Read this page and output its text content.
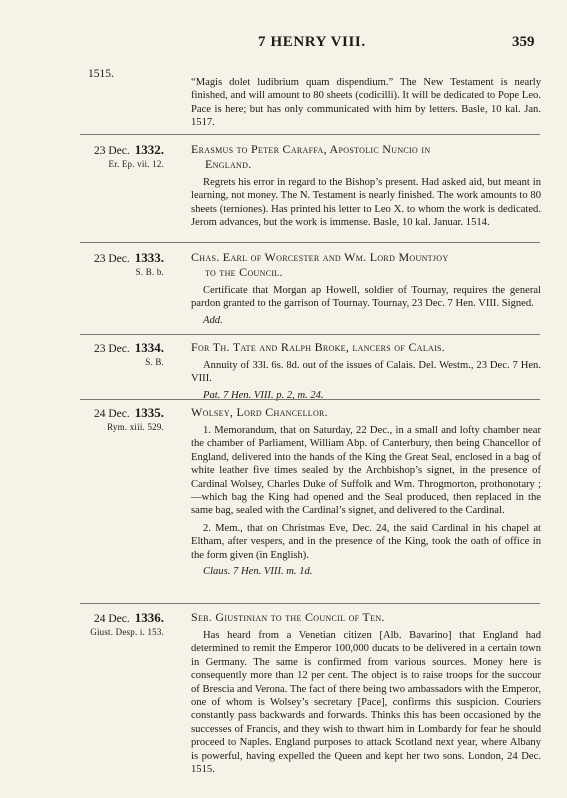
7 HENRY VIII.	359
1515.
“Magis dolet ludibrium quam dispendium.” The New Testament is nearly finished, and will amount to 80 sheets (codicilli). It will be dedicated to Pope Leo. Pace is here; but has only communicated with him by letters. Basle, 10 kal. Jan. 1517.
23 Dec. 1332.
Er. Ep. vii. 12.
Erasmus to Peter Caraffa, Apostolic Nuncio in
England.
Regrets his error in regard to the Bishop’s present. Had asked aid, but meant in learning, not money. The N. Testament is nearly finished. The work amounts to 80 sheets (terniones). Has printed his letter to Leo X. to whom the work is dedicated. Jerom advances, but the work is immense. Basle, 10 kal. Januar. 1514.
23 Dec. 1333.
S. B. b.
Chas. Earl of Worcester and Wm. Lord Mountjoy
to the Council.
Certificate that Morgan ap Howell, soldier of Tournay, requires the general pardon granted to the garrison of Tournay. Tournay, 23 Dec. 7 Hen. VIII. Signed.
Add.
23 Dec. 1334.
S. B.
For Th. Tate and Ralph Broke, lancers of Calais.
Annuity of 33l. 6s. 8d. out of the issues of Calais. Del. Westm., 23 Dec. 7 Hen. VIII.
Pat. 7 Hen. VIII. p. 2, m. 24.
24 Dec. 1335.
Rym. xiii. 529.
Wolsey, Lord Chancellor.
1. Memorandum, that on Saturday, 22 Dec., in a small and lofty chamber near the chamber of Parliament, William Abp. of Canterbury, then being Chancellor of England, delivered into the hands of the King the Great Seal, enclosed in a bag of white leather five times sealed by the Archbishop’s signet, in the presence of Cardinal Wolsey, Charles Duke of Suffolk and Wm. Throgmorton, prothonotary ;—which bag the King had opened and the Seal produced, then replaced in the same bag, sealed with the Cardinal’s signet, and delivered to the Cardinal.
2. Mem., that on Christmas Eve, Dec. 24, the said Cardinal in his chapel at Eltham, after vespers, and in the presence of the King, took the oath of office in the form given (in English).
Claus. 7 Hen. VIII. m. 1d.
24 Dec. 1336.
Giust. Desp. i. 153.
Seb. Giustinian to the Council of Ten.
Has heard from a Venetian citizen [Alb. Bavarino] that England had determined to remit the Emperor 100,000 ducats to be delivered in a certain town in Germany. The same is confirmed from various sources. Money here is consequently more than 12 per cent. The object is to raise troops for the succour of Brescia and Verona. The fact of there being two ambassadors with the Emperor, one of whom is Wolsey’s secretary [Pace], confirms this suspicion. Couriers constantly pass backwards and forwards. Thinks this has been occasioned by the successes of Francis, and they wish to thwart him in Lombardy for fear he should proceed to Naples. England purposes to attack Scotland next year, where Albany is powerful, having expelled the Queen and kept her two sons. London, 24 Dec. 1515.
